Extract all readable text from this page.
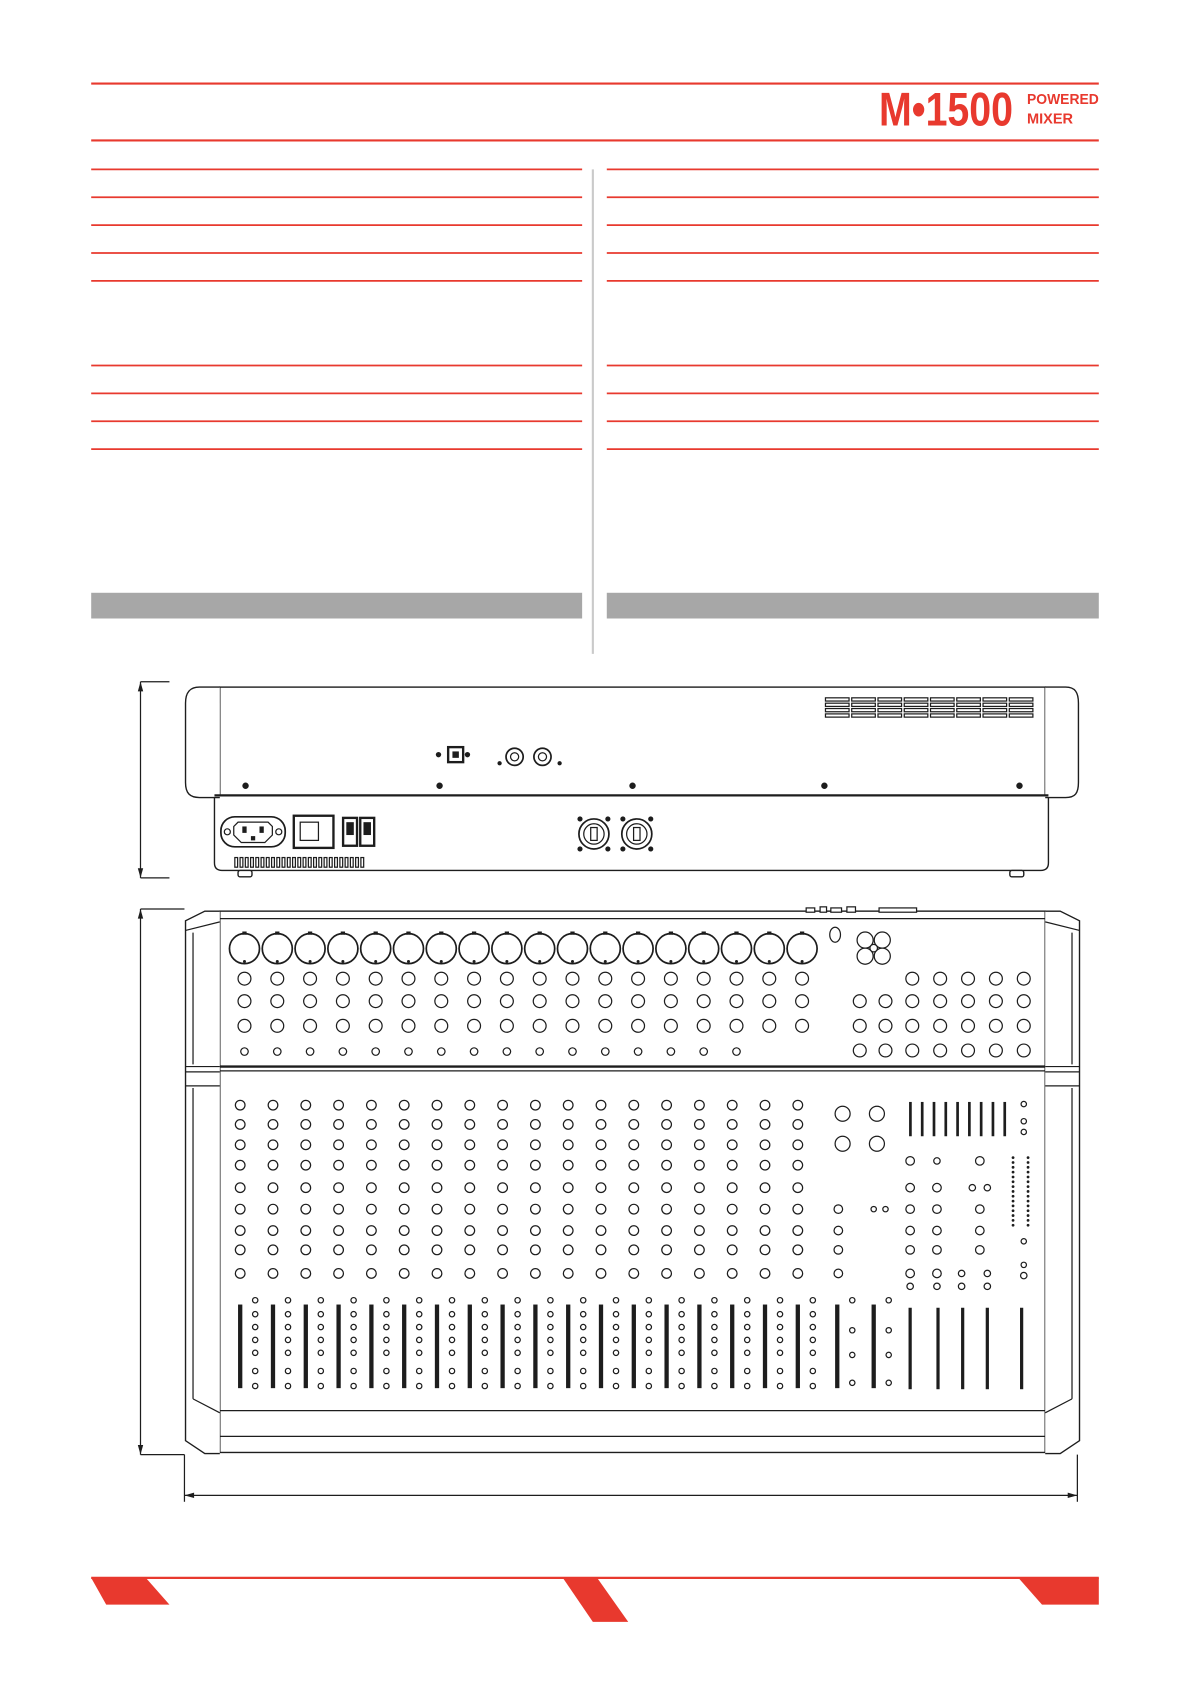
M•1500 POWERED
MIXER
